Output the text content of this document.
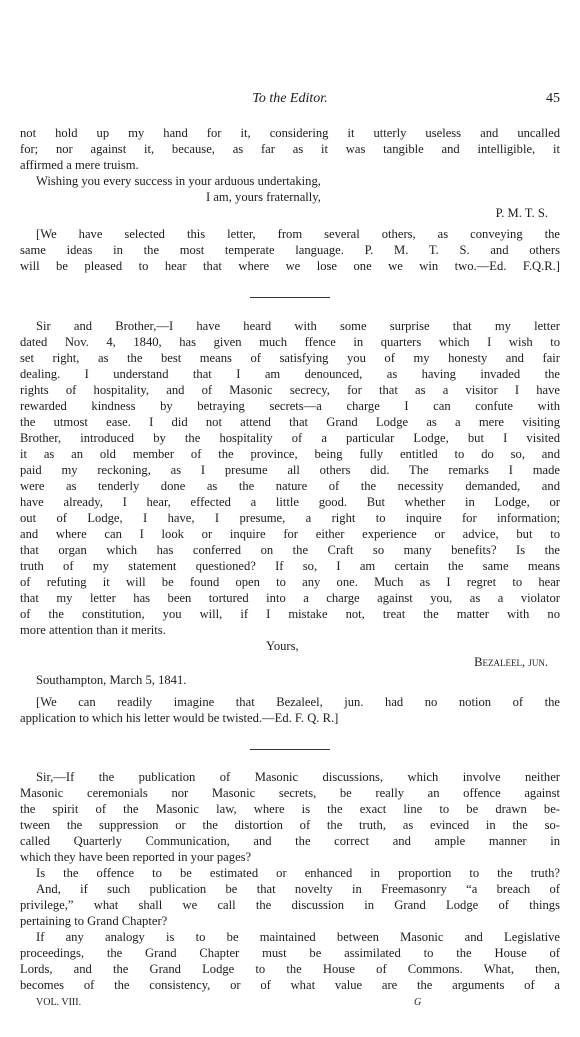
To the Editor.	45
not hold up my hand for it, considering it utterly useless and uncalled
for; nor against it, because, as far as it was tangible and intelligible, it
affirmed a mere truism.
Wishing you every success in your arduous undertaking,
I am, yours fraternally,
P. M. T. S.
[We have selected this letter, from several others, as conveying the
same ideas in the most temperate language. P. M. T. S. and others
will be pleased to hear that where we lose one we win two.—Ed. F.Q.R.]
Sir and Brother,—I have heard with some surprise that my letter
dated Nov. 4, 1840, has given much ffence in quarters which I wish to
set right, as the best means of satisfying you of my honesty and fair
dealing. I understand that I am denounced, as having invaded the
rights of hospitality, and of Masonic secrecy, for that as a visitor I have
rewarded kindness by betraying secrets—a charge I can confute with
the utmost ease. I did not attend that Grand Lodge as a mere visiting
Brother, introduced by the hospitality of a particular Lodge, but I visited
it as an old member of the province, being fully entitled to do so, and
paid my reckoning, as I presume all others did. The remarks I made
were as tenderly done as the nature of the necessity demanded, and
have already, I hear, effected a little good. But whether in Lodge, or
out of Lodge, I have, I presume, a right to inquire for information;
and where can I look or inquire for either experience or advice, but to
that organ which has conferred on the Craft so many benefits? Is the
truth of my statement questioned? If so, I am certain the same means
of refuting it will be found open to any one. Much as I regret to hear
that my letter has been tortured into a charge against you, as a violator
of the constitution, you will, if I mistake not, treat the matter with no
more attention than it merits.
Yours,
Bezaleel, jun.
Southampton, March 5, 1841.
[We can readily imagine that Bezaleel, jun. had no notion of the
application to which his letter would be twisted.—Ed. F. Q. R.]
Sir,—If the publication of Masonic discussions, which involve neither
Masonic ceremonials nor Masonic secrets, be really an offence against
the spirit of the Masonic law, where is the exact line to be drawn be-
tween the suppression or the distortion of the truth, as evinced in the so-
called Quarterly Communication, and the correct and ample manner in
which they have been reported in your pages?
Is the offence to be estimated or enhanced in proportion to the truth?
And, if such publication be that novelty in Freemasonry “a breach of
privilege,” what shall we call the discussion in Grand Lodge of things
pertaining to Grand Chapter?
If any analogy is to be maintained between Masonic and Legislative
proceedings, the Grand Chapter must be assimilated to the House of
Lords, and the Grand Lodge to the House of Commons. What, then,
becomes of the consistency, or of what value are the arguments of a
VOL. VIII.	G
